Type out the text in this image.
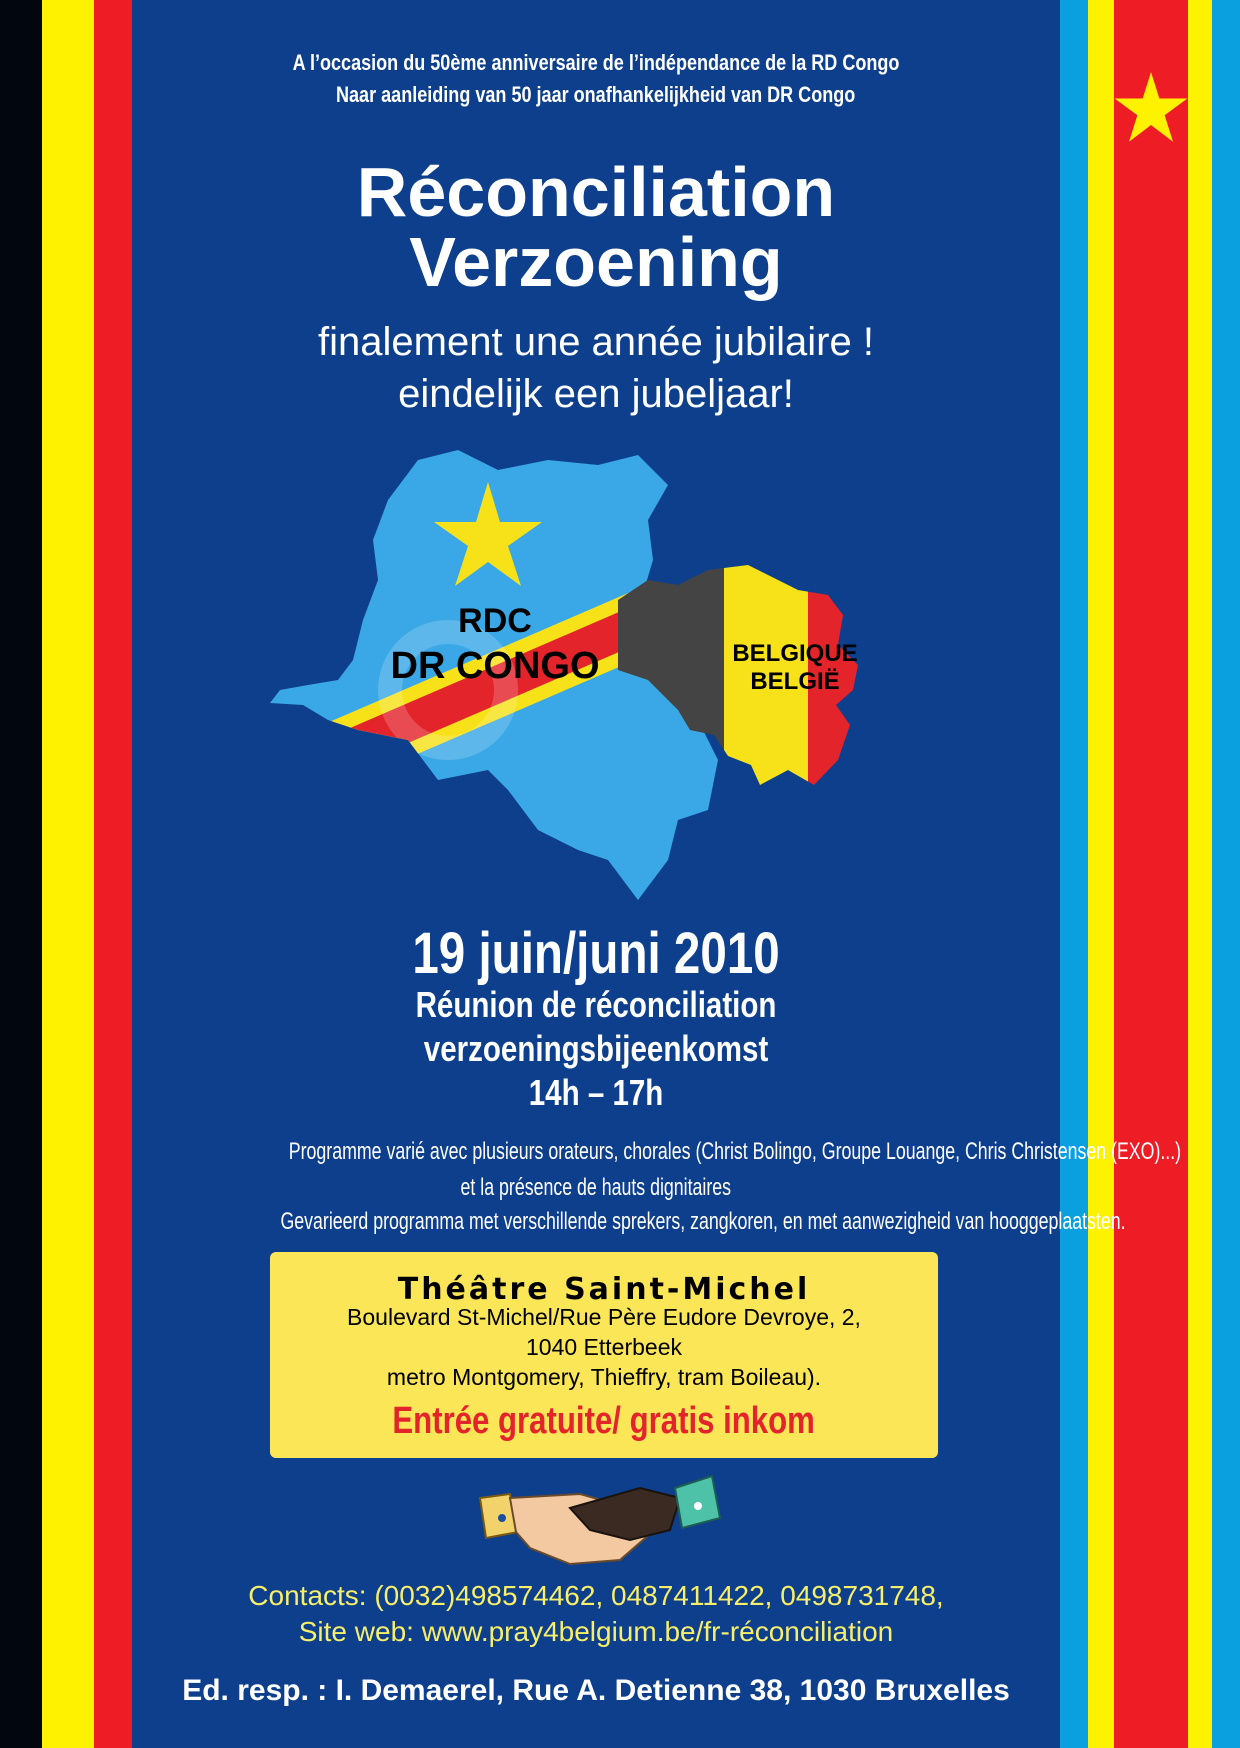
A l’occasion du 50ème anniversaire de l’indépendance de la RD Congo
Naar aanleiding van 50 jaar onafhankelijkheid van DR Congo
Réconciliation
Verzoening
finalement une année jubilaire !
eindelijk een jubeljaar!
RDC
DR CONGO	BELGIQUE
BELGIË
19 juin/juni 2010
Réunion de réconciliation
verzoeningsbijeenkomst
14h – 17h
Programme varié avec plusieurs orateurs, chorales (Christ Bolingo, Groupe Louange, Chris Christensen (EXO)...)
et la présence de hauts dignitaires
Gevarieerd programma met verschillende sprekers, zangkoren, en met aanwezigheid van hooggeplaatsten.
Théâtre Saint-Michel
Boulevard St-Michel/Rue Père Eudore Devroye, 2,
1040 Etterbeek
metro Montgomery, Thieffry, tram Boileau).
Entrée gratuite/ gratis inkom
Contacts: (0032)498574462, 0487411422, 0498731748,
Site web: www.pray4belgium.be/fr-réconciliation
Ed. resp. : I. Demaerel, Rue A. Detienne 38, 1030 Bruxelles
